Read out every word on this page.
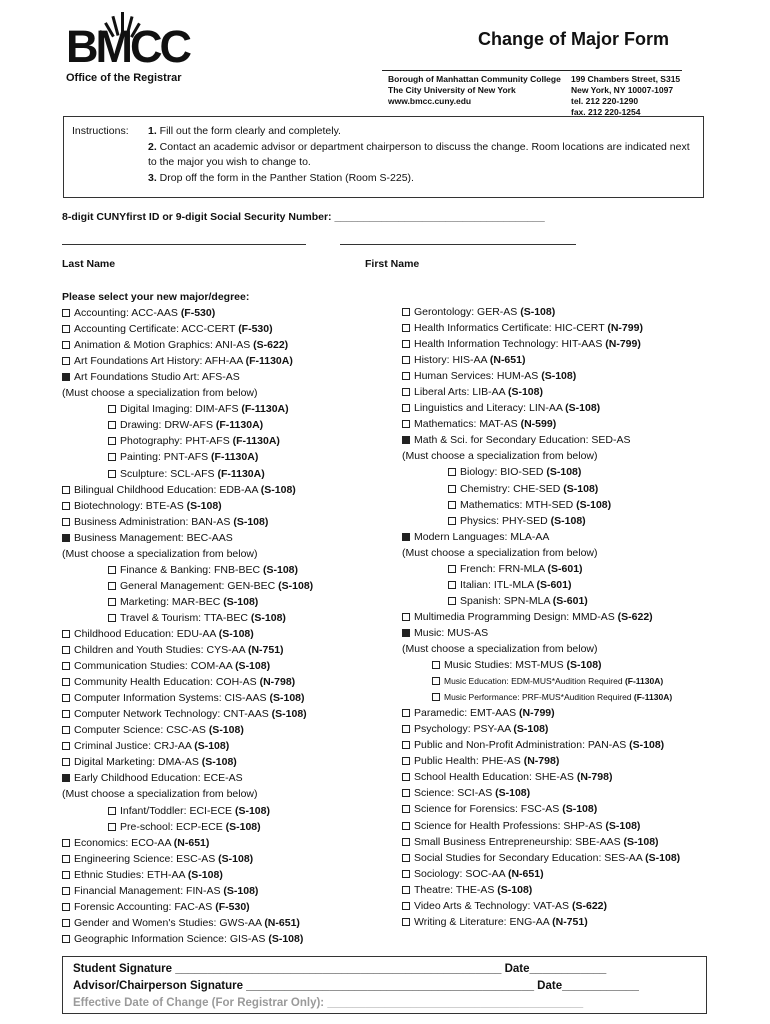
BMCC
Office of the Registrar
Change of Major Form
Borough of Manhattan Community College
The City University of New York
www.bmcc.cuny.edu
199 Chambers Street, S315
New York, NY 10007-1097
tel. 212 220-1290
fax. 212 220-1254
Instructions: 1. Fill out the form clearly and completely.
2. Contact an academic advisor or department chairperson to discuss the change. Room locations are indicated next to the major you wish to change to.
3. Drop off the form in the Panther Station (Room S-225).
8-digit CUNYfirst ID or 9-digit Social Security Number: ____________________________________
Last Name	First Name
Please select your new major/degree:
Accounting: ACC-AAS (F-530)
Accounting Certificate: ACC-CERT (F-530)
Animation & Motion Graphics: ANI-AS (S-622)
Art Foundations Art History: AFH-AA (F-1130A)
Art Foundations Studio Art: AFS-AS
(Must choose a specialization from below)
Digital Imaging: DIM-AFS (F-1130A)
Drawing: DRW-AFS (F-1130A)
Photography: PHT-AFS (F-1130A)
Painting: PNT-AFS (F-1130A)
Sculpture: SCL-AFS (F-1130A)
Bilingual Childhood Education: EDB-AA (S-108)
Biotechnology: BTE-AS (S-108)
Business Administration: BAN-AS (S-108)
Business Management: BEC-AAS
(Must choose a specialization from below)
Finance & Banking: FNB-BEC (S-108)
General Management: GEN-BEC (S-108)
Marketing: MAR-BEC (S-108)
Travel & Tourism: TTA-BEC (S-108)
Childhood Education: EDU-AA (S-108)
Children and Youth Studies: CYS-AA (N-751)
Communication Studies: COM-AA (S-108)
Community Health Education: COH-AS (N-798)
Computer Information Systems: CIS-AAS (S-108)
Computer Network Technology: CNT-AAS (S-108)
Computer Science: CSC-AS (S-108)
Criminal Justice: CRJ-AA (S-108)
Digital Marketing: DMA-AS (S-108)
Early Childhood Education: ECE-AS
(Must choose a specialization from below)
Infant/Toddler: ECI-ECE (S-108)
Pre-school: ECP-ECE (S-108)
Economics: ECO-AA (N-651)
Engineering Science: ESC-AS (S-108)
Ethnic Studies: ETH-AA (S-108)
Financial Management: FIN-AS (S-108)
Forensic Accounting: FAC-AS (F-530)
Gender and Women's Studies: GWS-AA (N-651)
Geographic Information Science: GIS-AS (S-108)
Gerontology: GER-AS (S-108)
Health Informatics Certificate: HIC-CERT (N-799)
Health Information Technology: HIT-AAS (N-799)
History: HIS-AA (N-651)
Human Services: HUM-AS (S-108)
Liberal Arts: LIB-AA (S-108)
Linguistics and Literacy: LIN-AA (S-108)
Mathematics: MAT-AS (N-599)
Math & Sci. for Secondary Education: SED-AS
(Must choose a specialization from below)
Biology: BIO-SED (S-108)
Chemistry: CHE-SED (S-108)
Mathematics: MTH-SED (S-108)
Physics: PHY-SED (S-108)
Modern Languages: MLA-AA
(Must choose a specialization from below)
French: FRN-MLA (S-601)
Italian: ITL-MLA (S-601)
Spanish: SPN-MLA (S-601)
Multimedia Programming Design: MMD-AS (S-622)
Music: MUS-AS
(Must choose a specialization from below)
Music Studies: MST-MUS (S-108)
Music Education: EDM-MUS*Audition Required (F-1130A)
Music Performance: PRF-MUS*Audition Required (F-1130A)
Paramedic: EMT-AAS (N-799)
Psychology: PSY-AA (S-108)
Public and Non-Profit Administration: PAN-AS (S-108)
Public Health: PHE-AS (N-798)
School Health Education: SHE-AS (N-798)
Science: SCI-AS (S-108)
Science for Forensics: FSC-AS (S-108)
Science for Health Professions: SHP-AS (S-108)
Small Business Entrepreneurship: SBE-AAS (S-108)
Social Studies for Secondary Education: SES-AA (S-108)
Sociology: SOC-AA (N-651)
Theatre: THE-AS (S-108)
Video Arts & Technology: VAT-AS (S-622)
Writing & Literature: ENG-AA (N-751)
Student Signature ___________________________________________________ Date____________
Advisor/Chairperson Signature _____________________________________________ Date____________
Effective Date of Change (For Registrar Only): ________________________________________
